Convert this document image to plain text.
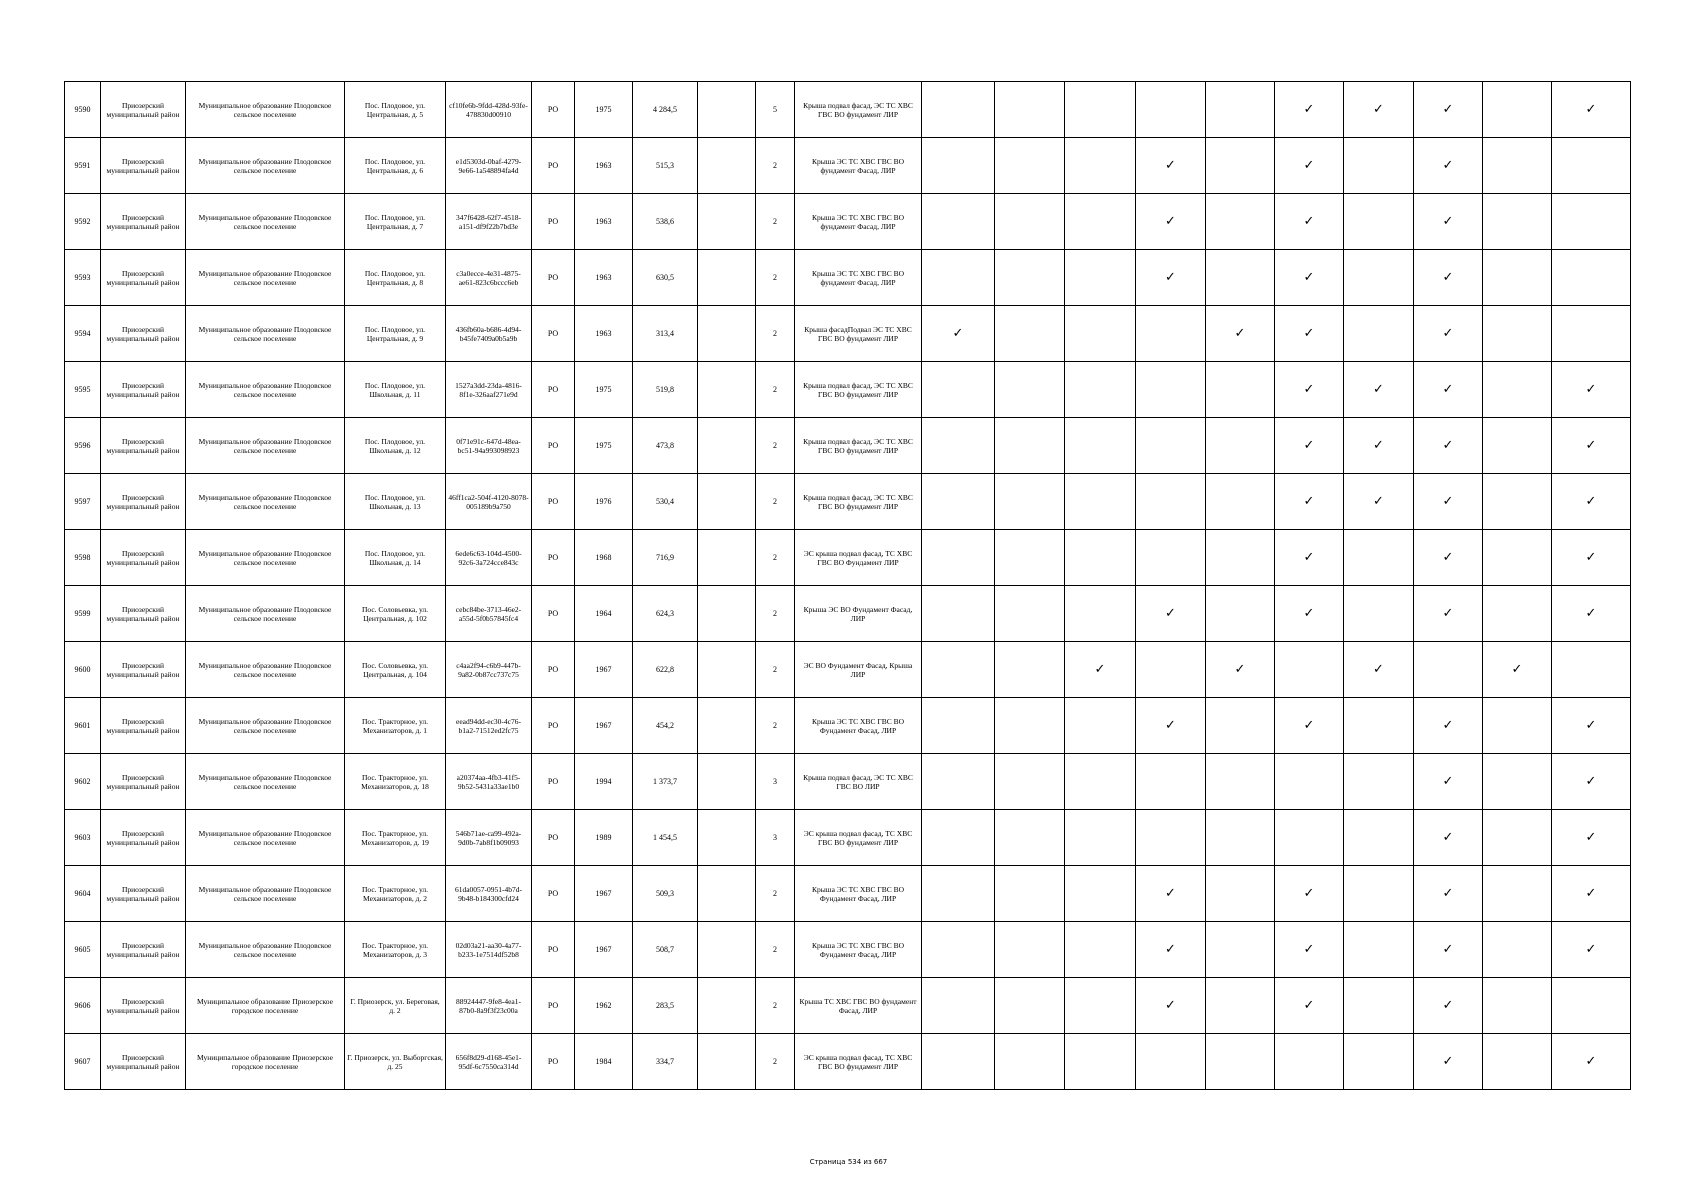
9590	Приозерский муниципальный район	Муниципальное образование Плодовское сельское поселение	Пос. Плодовое, ул. Центральная, д. 5	cf10fe6b-9fdd-428d-93fe-478830d00910	РО	1975	4 284,5		5	Крыша подвал фасад, ЭС ТС ХВС ГВС ВО фундамент ЛИР						✓	✓	✓		✓
9591	Приозерский муниципальный район	Муниципальное образование Плодовское сельское поселение	Пос. Плодовое, ул. Центральная, д. 6	e1d5303d-0baf-4279-9e66-1a548894fa4d	РО	1963	515,3		2	Крыша ЭС ТС ХВС ГВС ВО фундамент Фасад, ЛИР				✓		✓		✓		
9592	Приозерский муниципальный район	Муниципальное образование Плодовское сельское поселение	Пос. Плодовое, ул. Центральная, д. 7	347f6428-62f7-4518-a151-df9f22b7bd3e	РО	1963	538,6		2	Крыша ЭС ТС ХВС ГВС ВО фундамент Фасад, ЛИР				✓		✓		✓		
9593	Приозерский муниципальный район	Муниципальное образование Плодовское сельское поселение	Пос. Плодовое, ул. Центральная, д. 8	c3a0ecce-4e31-4875-ae61-823c6bccc6eb	РО	1963	630,5		2	Крыша ЭС ТС ХВС ГВС ВО фундамент Фасад, ЛИР				✓		✓		✓		
9594	Приозерский муниципальный район	Муниципальное образование Плодовское сельское поселение	Пос. Плодовое, ул. Центральная, д. 9	436fb60a-b686-4d94-b45fe7409a0b5a9b	РО	1963	313,4		2	Крыша фасадПодвал ЭС ТС ХВС ГВС ВО фундамент ЛИР	✓				✓	✓		✓		
9595	Приозерский муниципальный район	Муниципальное образование Плодовское сельское поселение	Пос. Плодовое, ул. Школьная, д. 11	1527a3dd-23da-4816-8f1e-326aaf271e9d	РО	1975	519,8		2	Крыша подвал фасад, ЭС ТС ХВС ГВС ВО фундамент ЛИР						✓	✓	✓		✓
9596	Приозерский муниципальный район	Муниципальное образование Плодовское сельское поселение	Пос. Плодовое, ул. Школьная, д. 12	0f71e91c-647d-48ea-bc51-94a993098923	РО	1975	473,8		2	Крыша подвал фасад, ЭС ТС ХВС ГВС ВО фундамент ЛИР						✓	✓	✓		✓
9597	Приозерский муниципальный район	Муниципальное образование Плодовское сельское поселение	Пос. Плодовое, ул. Школьная, д. 13	46ff1ca2-504f-4120-8078-005189b9a750	РО	1976	530,4		2	Крыша подвал фасад, ЭС ТС ХВС ГВС ВО фундамент ЛИР						✓	✓	✓		✓
9598	Приозерский муниципальный район	Муниципальное образование Плодовское сельское поселение	Пос. Плодовое, ул. Школьная, д. 14	6ede6c63-104d-4500-92c6-3a724cce843c	РО	1968	716,9		2	ЭС крыша подвал фасад, ТС ХВС ГВС ВО Фундамент ЛИР						✓		✓		✓
9599	Приозерский муниципальный район	Муниципальное образование Плодовское сельское поселение	Пос. Соловьевка, ул. Центральная, д. 102	cebc84be-3713-46e2-a55d-5f0b57845fc4	РО	1964	624,3		2	Крыша ЭС ВО Фундамент Фасад, ЛИР				✓		✓		✓		✓
9600	Приозерский муниципальный район	Муниципальное образование Плодовское сельское поселение	Пос. Соловьевка, ул. Центральная, д. 104	c4aa2f94-c6b9-447b-9a82-0b87cc737c75	РО	1967	622,8		2	ЭС ВО Фундамент Фасад, Крыша ЛИР			✓		✓		✓		✓	
9601	Приозерский муниципальный район	Муниципальное образование Плодовское сельское поселение	Пос. Тракторное, ул. Механизаторов, д. 1	eead94dd-ec30-4c76-b1a2-71512ed2fc75	РО	1967	454,2		2	Крыша ЭС ТС ХВС ГВС ВО Фундамент Фасад, ЛИР				✓		✓		✓		✓
9602	Приозерский муниципальный район	Муниципальное образование Плодовское сельское поселение	Пос. Тракторное, ул. Механизаторов, д. 18	a20374aa-4fb3-41f5-9b52-5431a33ae1b0	РО	1994	1 373,7		3	Крыша подвал фасад, ЭС ТС ХВС ГВС ВО ЛИР								✓		✓
9603	Приозерский муниципальный район	Муниципальное образование Плодовское сельское поселение	Пос. Тракторное, ул. Механизаторов, д. 19	546b71ae-ca99-492a-9d0b-7ab8f1b09093	РО	1989	1 454,5		3	ЭС крыша подвал фасад, ТС ХВС ГВС ВО фундамент ЛИР								✓		✓
9604	Приозерский муниципальный район	Муниципальное образование Плодовское сельское поселение	Пос. Тракторное, ул. Механизаторов, д. 2	61da0057-0951-4b7d-9b48-b184300cfd24	РО	1967	509,3		2	Крыша ЭС ТС ХВС ГВС ВО Фундамент Фасад, ЛИР				✓		✓		✓		✓
9605	Приозерский муниципальный район	Муниципальное образование Плодовское сельское поселение	Пос. Тракторное, ул. Механизаторов, д. 3	02d03a21-aa30-4a77-b233-1e7514df52b8	РО	1967	508,7		2	Крыша ЭС ТС ХВС ГВС ВО Фундамент Фасад, ЛИР				✓		✓		✓		✓
9606	Приозерский муниципальный район	Муниципальное образование Приозерское городское поселение	Г. Приозерск, ул. Береговая, д. 2	88924447-9fe8-4ea1-87b0-8a9f3f23c00a	РО	1962	283,5		2	Крыша ТС ХВС ГВС ВО фундамент Фасад, ЛИР				✓		✓		✓		
9607	Приозерский муниципальный район	Муниципальное образование Приозерское городское поселение	Г. Приозерск, ул. Выборгская, д. 25	656f8d29-d168-45e1-95df-6c7550ca314d	РО	1984	334,7		2	ЭС крыша подвал фасад, ТС ХВС ГВС ВО фундамент ЛИР								✓		✓
Страница 534 из 667
